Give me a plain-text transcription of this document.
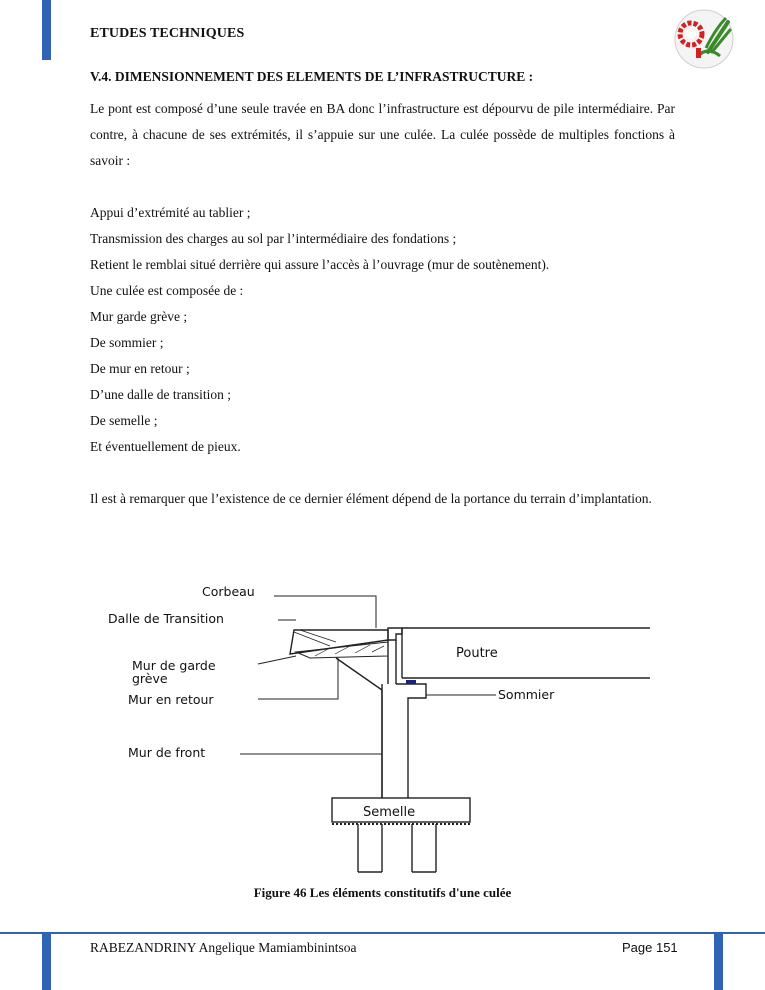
ETUDES TECHNIQUES
V.4. DIMENSIONNEMENT DES ELEMENTS DE L’INFRASTRUCTURE :

Le pont est composé d’une seule travée en BA donc l’infrastructure est dépourvu de pile intermédiaire. Par contre, à chacune de ses extrémités, il s’appuie sur une culée. La culée possède de multiples fonctions à savoir :

Appui d’extrémité au tablier ;

Transmission des charges au sol par l’intermédiaire des fondations ;

Retient le remblai situé derrière qui assure l’accès à l’ouvrage (mur de soutènement).

Une culée est composée de :

Mur garde grève ;

De sommier ;

De mur en retour ;

D’une dalle de transition ;

De semelle ;

Et éventuellement de pieux.

Il est à remarquer que l’existence de ce dernier élément dépend de la portance du terrain d’implantation.

Corbeau
Dalle de Transition
Mur de garde
grève
Mur en retour
Mur de front
Poutre
Sommier
Semelle
Figure 46 Les éléments constitutifs d'une culée
RABEZANDRINY Angelique Mamiambinintsoa	Page 151
